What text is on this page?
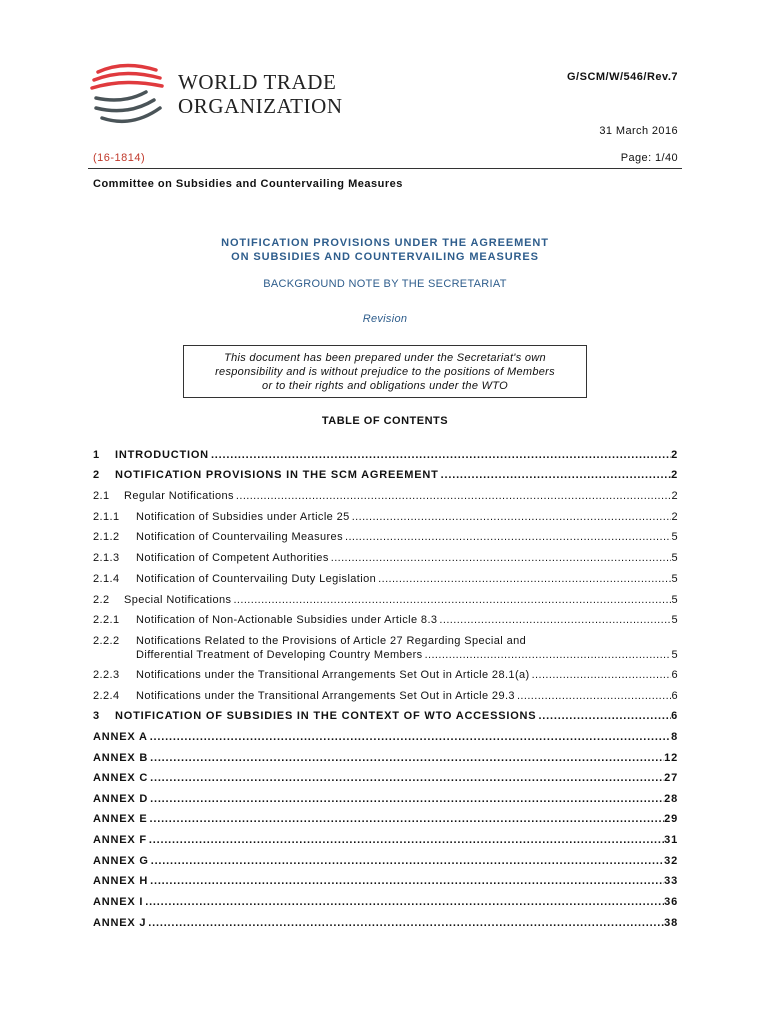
WORLD TRADE
ORGANIZATION
G/SCM/W/546/Rev.7
31 March 2016
(16-1814)	Page: 1/40
Committee on Subsidies and Countervailing Measures
NOTIFICATION PROVISIONS UNDER THE AGREEMENT
ON SUBSIDIES AND COUNTERVAILING MEASURES
BACKGROUND NOTE BY THE SECRETARIAT
Revision
This document has been prepared under the Secretariat's own
responsibility and is without prejudice to the positions of Members
or to their rights and obligations under the WTO
TABLE OF CONTENTS
1	INTRODUCTION .....	2
2	NOTIFICATION PROVISIONS IN THE SCM AGREEMENT .....	2
2.1	Regular Notifications .....	2
2.1.1	Notification of Subsidies under Article 25 .....	2
2.1.2	Notification of Countervailing Measures .....	5
2.1.3	Notification of Competent Authorities .....	5
2.1.4	Notification of Countervailing Duty Legislation .....	5
2.2	Special Notifications .....	5
2.2.1	Notification of Non-Actionable Subsidies under Article 8.3 .....	5
2.2.2	Notifications Related to the Provisions of Article 27 Regarding Special and
Differential Treatment of Developing Country Members .....	5
2.2.3	Notifications under the Transitional Arrangements Set Out in Article 28.1(a) .....	6
2.2.4	Notifications under the Transitional Arrangements Set Out in Article 29.3 .....	6
3	NOTIFICATION OF SUBSIDIES IN THE CONTEXT OF WTO ACCESSIONS .....	6
ANNEX A .....	8
ANNEX B .....	12
ANNEX C .....	27
ANNEX D .....	28
ANNEX E .....	29
ANNEX F .....	31
ANNEX G .....	32
ANNEX H .....	33
ANNEX I .....	36
ANNEX J .....	38
